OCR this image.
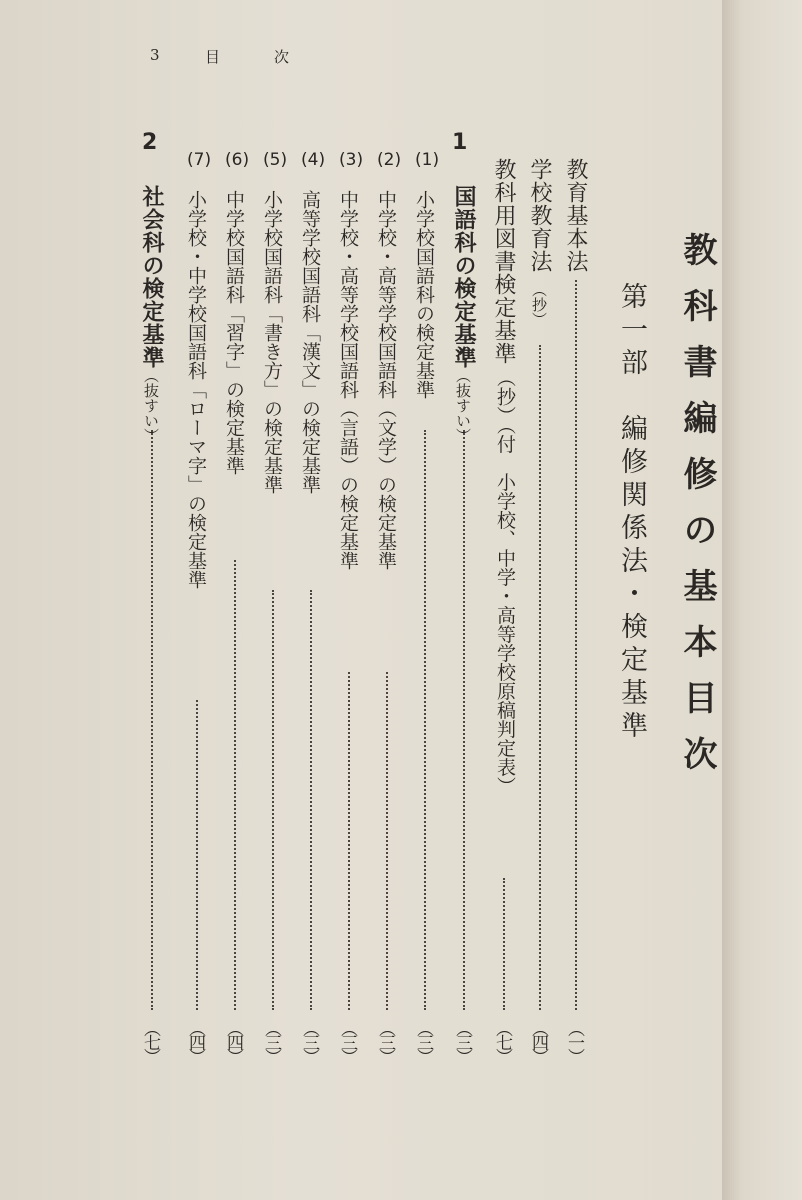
3	目　　次
教科書編修の基本目次
第一部　編修関係法・検定基準
教育基本法
（一）
学校教育法
（抄）
（四）
教科用図書検定基準
（抄）（付　小学校、中学・高等学校原稿判定表）
（七）
1
国語科の検定基準
（抜すい）
（三）
(1)
小学校国語科の検定基準
（三）
(2)
中学校・高等学校国語科（文学）の検定基準
（三）
(3)
中学校・高等学校国語科（言語）の検定基準
（三）
(4)
高等学校国語科「漢文」の検定基準
（三）
(5)
小学校国語科「書き方」の検定基準
（三）
(6)
中学校国語科「習字」の検定基準
（四）
(7)
小学校・中学校国語科「ローマ字」の検定基準
（四）
2
社会科の検定基準
（抜すい）
（七）
